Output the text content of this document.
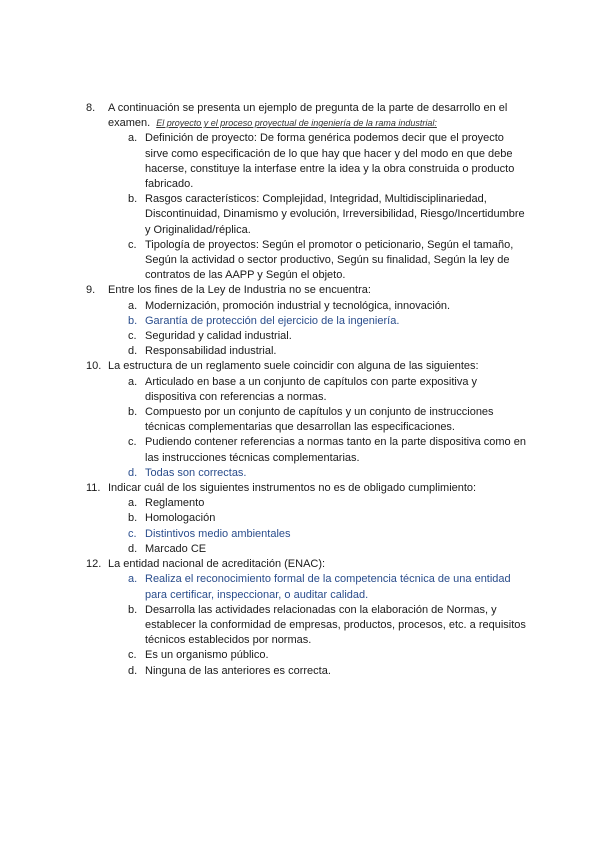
8.	A continuación se presenta un ejemplo de pregunta de la parte de desarrollo en el examen. El proyecto y el proceso proyectual de ingeniería de la rama industrial:
a. Definición de proyecto: De forma genérica podemos decir que el proyecto sirve como especificación de lo que hay que hacer y del modo en que debe hacerse, constituye la interfase entre la idea y la obra construida o producto fabricado.
b. Rasgos característicos: Complejidad, Integridad, Multidisciplinariedad, Discontinuidad, Dinamismo y evolución, Irreversibilidad, Riesgo/Incertidumbre y Originalidad/réplica.
c. Tipología de proyectos: Según el promotor o peticionario, Según el tamaño, Según la actividad o sector productivo, Según su finalidad, Según la ley de contratos de las AAPP y Según el objeto.
9.	Entre los fines de la Ley de Industria no se encuentra:
a. Modernización, promoción industrial y tecnológica, innovación.
b. Garantía de protección del ejercicio de la ingeniería.
c. Seguridad y calidad industrial.
d. Responsabilidad industrial.
10. La estructura de un reglamento suele coincidir con alguna de las siguientes:
a. Articulado en base a un conjunto de capítulos con parte expositiva y dispositiva con referencias a normas.
b. Compuesto por un conjunto de capítulos y un conjunto de instrucciones técnicas complementarias que desarrollan las especificaciones.
c. Pudiendo contener referencias a normas tanto en la parte dispositiva como en las instrucciones técnicas complementarias.
d. Todas son correctas.
11. Indicar cuál de los siguientes instrumentos no es de obligado cumplimiento:
a. Reglamento
b. Homologación
c. Distintivos medio ambientales
d. Marcado CE
12. La entidad nacional de acreditación (ENAC):
a. Realiza el reconocimiento formal de la competencia técnica de una entidad para certificar, inspeccionar, o auditar calidad.
b. Desarrolla las actividades relacionadas con la elaboración de Normas, y establecer la conformidad de empresas, productos, procesos, etc. a requisitos técnicos establecidos por normas.
c. Es un organismo público.
d. Ninguna de las anteriores es correcta.
